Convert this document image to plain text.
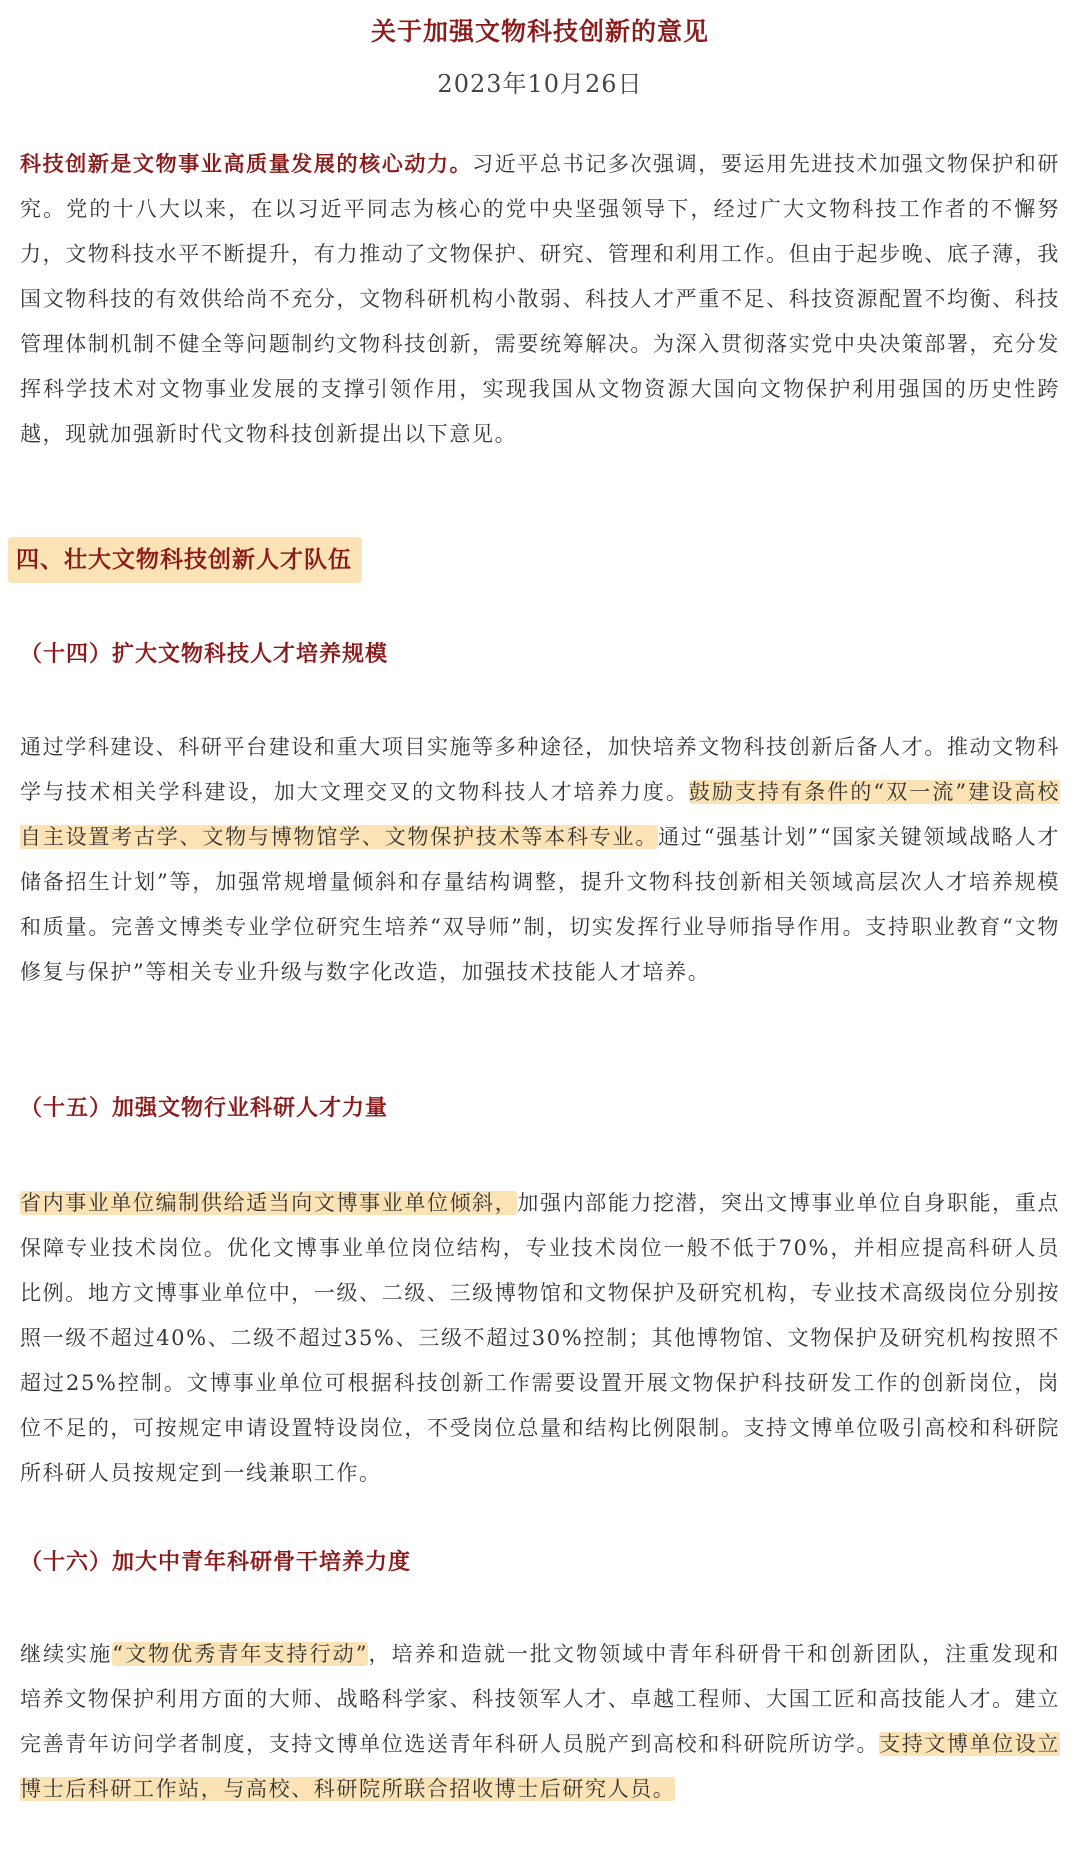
关于加强文物科技创新的意见
2023年10月26日

科技创新是文物事业高质量发展的核心动力。习近平总书记多次强调，要运用先进技术加强文物保护和研究。党的十八大以来，在以习近平同志为核心的党中央坚强领导下，经过广大文物科技工作者的不懈努力，文物科技水平不断提升，有力推动了文物保护、研究、管理和利用工作。但由于起步晚、底子薄，我国文物科技的有效供给尚不充分，文物科研机构小散弱、科技人才严重不足、科技资源配置不均衡、科技管理体制机制不健全等问题制约文物科技创新，需要统筹解决。为深入贯彻落实党中央决策部署，充分发挥科学技术对文物事业发展的支撑引领作用，实现我国从文物资源大国向文物保护利用强国的历史性跨越，现就加强新时代文物科技创新提出以下意见。

四、壮大文物科技创新人才队伍
（十四）扩大文物科技人才培养规模

通过学科建设、科研平台建设和重大项目实施等多种途径，加快培养文物科技创新后备人才。推动文物科学与技术相关学科建设，加大文理交叉的文物科技人才培养力度。鼓励支持有条件的“双一流”建设高校自主设置考古学、文物与博物馆学、文物保护技术等本科专业。通过“强基计划”“国家关键领域战略人才储备招生计划”等，加强常规增量倾斜和存量结构调整，提升文物科技创新相关领域高层次人才培养规模和质量。完善文博类专业学位研究生培养“双导师”制，切实发挥行业导师指导作用。支持职业教育“文物修复与保护”等相关专业升级与数字化改造，加强技术技能人才培养。

（十五）加强文物行业科研人才力量

省内事业单位编制供给适当向文博事业单位倾斜，加强内部能力挖潜，突出文博事业单位自身职能，重点保障专业技术岗位。优化文博事业单位岗位结构，专业技术岗位一般不低于70%，并相应提高科研人员比例。地方文博事业单位中，一级、二级、三级博物馆和文物保护及研究机构，专业技术高级岗位分别按照一级不超过40%、二级不超过35%、三级不超过30%控制；其他博物馆、文物保护及研究机构按照不超过25%控制。文博事业单位可根据科技创新工作需要设置开展文物保护科技研发工作的创新岗位，岗位不足的，可按规定申请设置特设岗位，不受岗位总量和结构比例限制。支持文博单位吸引高校和科研院所科研人员按规定到一线兼职工作。

（十六）加大中青年科研骨干培养力度

继续实施“文物优秀青年支持行动”，培养和造就一批文物领域中青年科研骨干和创新团队，注重发现和培养文物保护利用方面的大师、战略科学家、科技领军人才、卓越工程师、大国工匠和高技能人才。建立完善青年访问学者制度，支持文博单位选送青年科研人员脱产到高校和科研院所访学。支持文博单位设立博士后科研工作站，与高校、科研院所联合招收博士后研究人员。
